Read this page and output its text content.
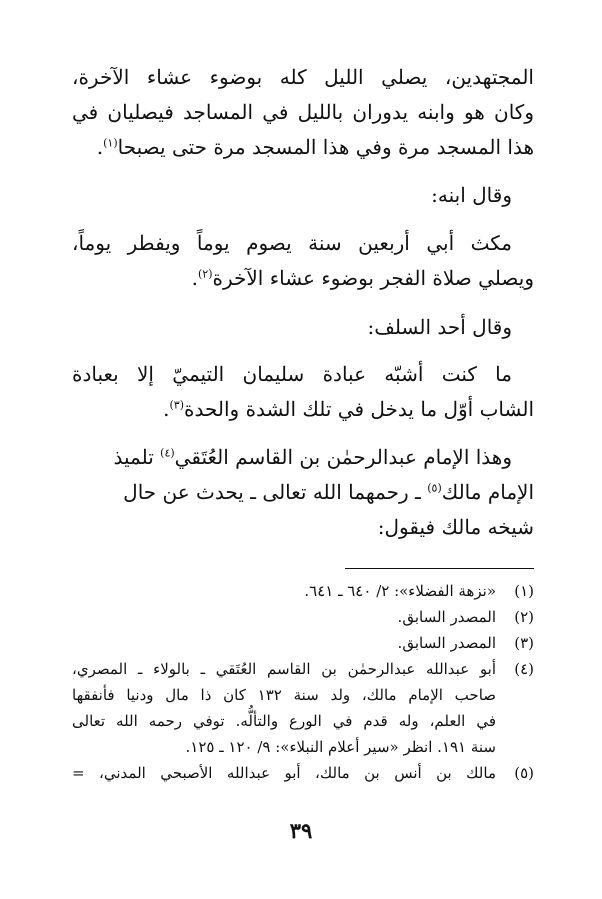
المجتهدين، يصلي الليل كله بوضوء عشاء الآخرة،
وكان هو وابنه يدوران بالليل في المساجد فيصليان في
هذا المسجد مرة وفي هذا المسجد مرة حتى يصبحا$^{(١)}$.
وقال ابنه:
مكث أبي أربعين سنة يصوم يوماً ويفطر يوماً،
ويصلي صلاة الفجر بوضوء عشاء الآخرة$^{(٢)}$.
وقال أحد السلف:
ما كنت أشبّه عبادة سليمان التيميّ إلا بعبادة
الشاب أوّل ما يدخل في تلك الشدة والحدة$^{(٣)}$.
وهذا الإمام عبدالرحمٰن بن القاسم العُتَقي$^{(٤)}$ تلميذ
الإمام مالك$^{(٥)}$ ـ رحمهما الله تعالى ـ يحدث عن حال
شيخه مالك فيقول:
(١)
«نزهة الفضلاء»: ٢/ ٦٤٠ ـ ٦٤١.
(٢)
المصدر السابق.
(٣)
المصدر السابق.
(٤)
أبو عبدالله عبدالرحمٰن بن القاسم العُتَقي ـ بالولاء ـ المصري،
صاحب الإمام مالك، ولد سنة ١٣٢ كان ذا مال ودنيا فأنفقها
في العلم، وله قدم في الورع والتألُّه. توفي رحمه الله تعالى
سنة ١٩١. انظر «سير أعلام النبلاء»: ٩/ ١٢٠ ـ ١٢٥.
(٥)
مالك بن أنس بن مالك، أبو عبدالله الأصبحي المدني، =
٣٩
